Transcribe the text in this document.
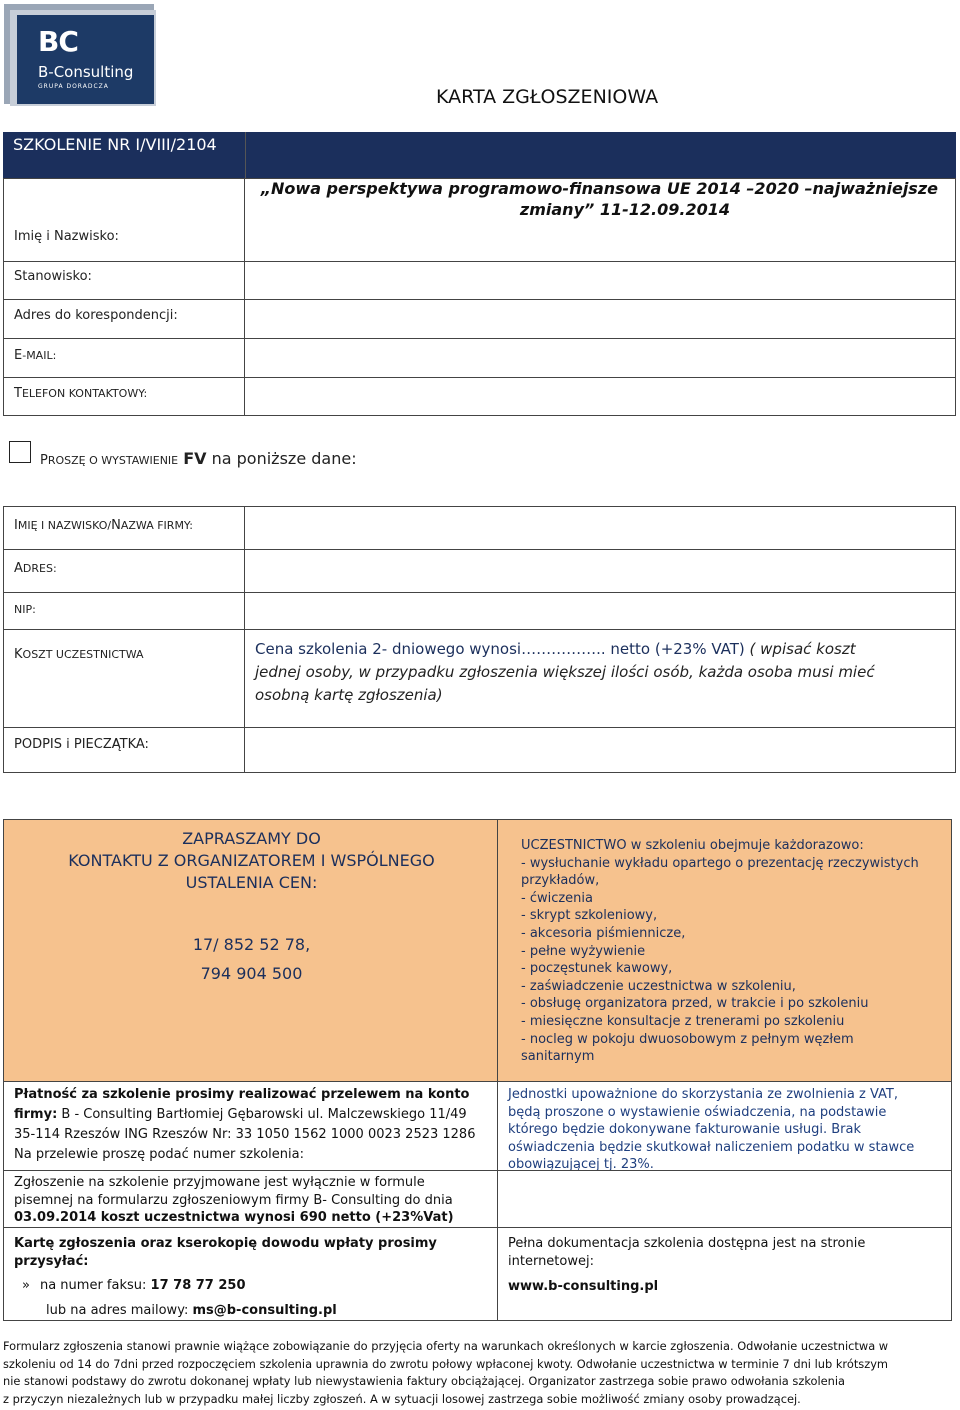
BC
B-Consulting
GRUPA DORADCZA	KARTA ZGŁOSZENIOWA
SZKOLENIE NR I/VIII/2104
„Nowa perspektywa programowo-finansowa UE 2014 –2020 –najważniejsze
zmiany” 11-12.09.2014
Imię i Nazwisko:
Stanowisko:
Adres do korespondencji:
E-MAIL:
TELEFON KONTAKTOWY:
PROSZĘ O WYSTAWIENIE FV na poniższe dane:
IMIĘ I NAZWISKO/NAZWA FIRMY:
ADRES:
NIP:
KOSZT UCZESTNICTWA	Cena szkolenia 2- dniowego wynosi…………….. netto (+23% VAT) ( wpisać koszt
jednej osoby, w przypadku zgłoszenia większej ilości osób, każda osoba musi mieć
osobną kartę zgłoszenia)
PODPIS i PIECZĄTKA:
ZAPRASZAMY DO
KONTAKTU Z ORGANIZATOREM I WSPÓLNEGO
USTALENIA CEN:
17/ 852 52 78,
794 904 500
UCZESTNICTWO w szkoleniu obejmuje każdorazowo:
- wysłuchanie wykładu opartego o prezentację rzeczywistych
przykładów,
- ćwiczenia
- skrypt szkoleniowy,
- akcesoria piśmiennicze,
- pełne wyżywienie
- poczęstunek kawowy,
- zaświadczenie uczestnictwa w szkoleniu,
- obsługę organizatora przed, w trakcie i po szkoleniu
- miesięczne konsultacje z trenerami po szkoleniu
- nocleg w pokoju dwuosobowym z pełnym węzłem
sanitarnym
Płatność za szkolenie prosimy realizować przelewem na konto
firmy: B - Consulting Bartłomiej Gębarowski ul. Malczewskiego 11/49
35-114 Rzeszów ING Rzeszów Nr: 33 1050 1562 1000 0023 2523 1286
Na przelewie proszę podać numer szkolenia:
Jednostki upoważnione do skorzystania ze zwolnienia z VAT,
będą proszone o wystawienie oświadczenia, na podstawie
którego będzie dokonywane fakturowanie usługi. Brak
oświadczenia będzie skutkował naliczeniem podatku w stawce
obowiązującej tj. 23%.
Zgłoszenie na szkolenie przyjmowane jest wyłącznie w formule
pisemnej na formularzu zgłoszeniowym firmy B- Consulting do dnia
03.09.2014 koszt uczestnictwa wynosi 690 netto (+23%Vat)
Kartę zgłoszenia oraz kserokopię dowodu wpłaty prosimy
przysyłać:
» na numer faksu: 17 78 77 250
lub na adres mailowy: ms@b-consulting.pl
Pełna dokumentacja szkolenia dostępna jest na stronie
internetowej:
www.b-consulting.pl
Formularz zgłoszenia stanowi prawnie wiążące zobowiązanie do przyjęcia oferty na warunkach określonych w karcie zgłoszenia. Odwołanie uczestnictwa w
szkoleniu od 14 do 7dni przed rozpoczęciem szkolenia uprawnia do zwrotu połowy wpłaconej kwoty. Odwołanie uczestnictwa w terminie 7 dni lub krótszym
nie stanowi podstawy do zwrotu dokonanej wpłaty lub niewystawienia faktury obciążającej. Organizator zastrzega sobie prawo odwołania szkolenia
z przyczyn niezależnych lub w przypadku małej liczby zgłoszeń. A w sytuacji losowej zastrzega sobie możliwość zmiany osoby prowadzącej.
